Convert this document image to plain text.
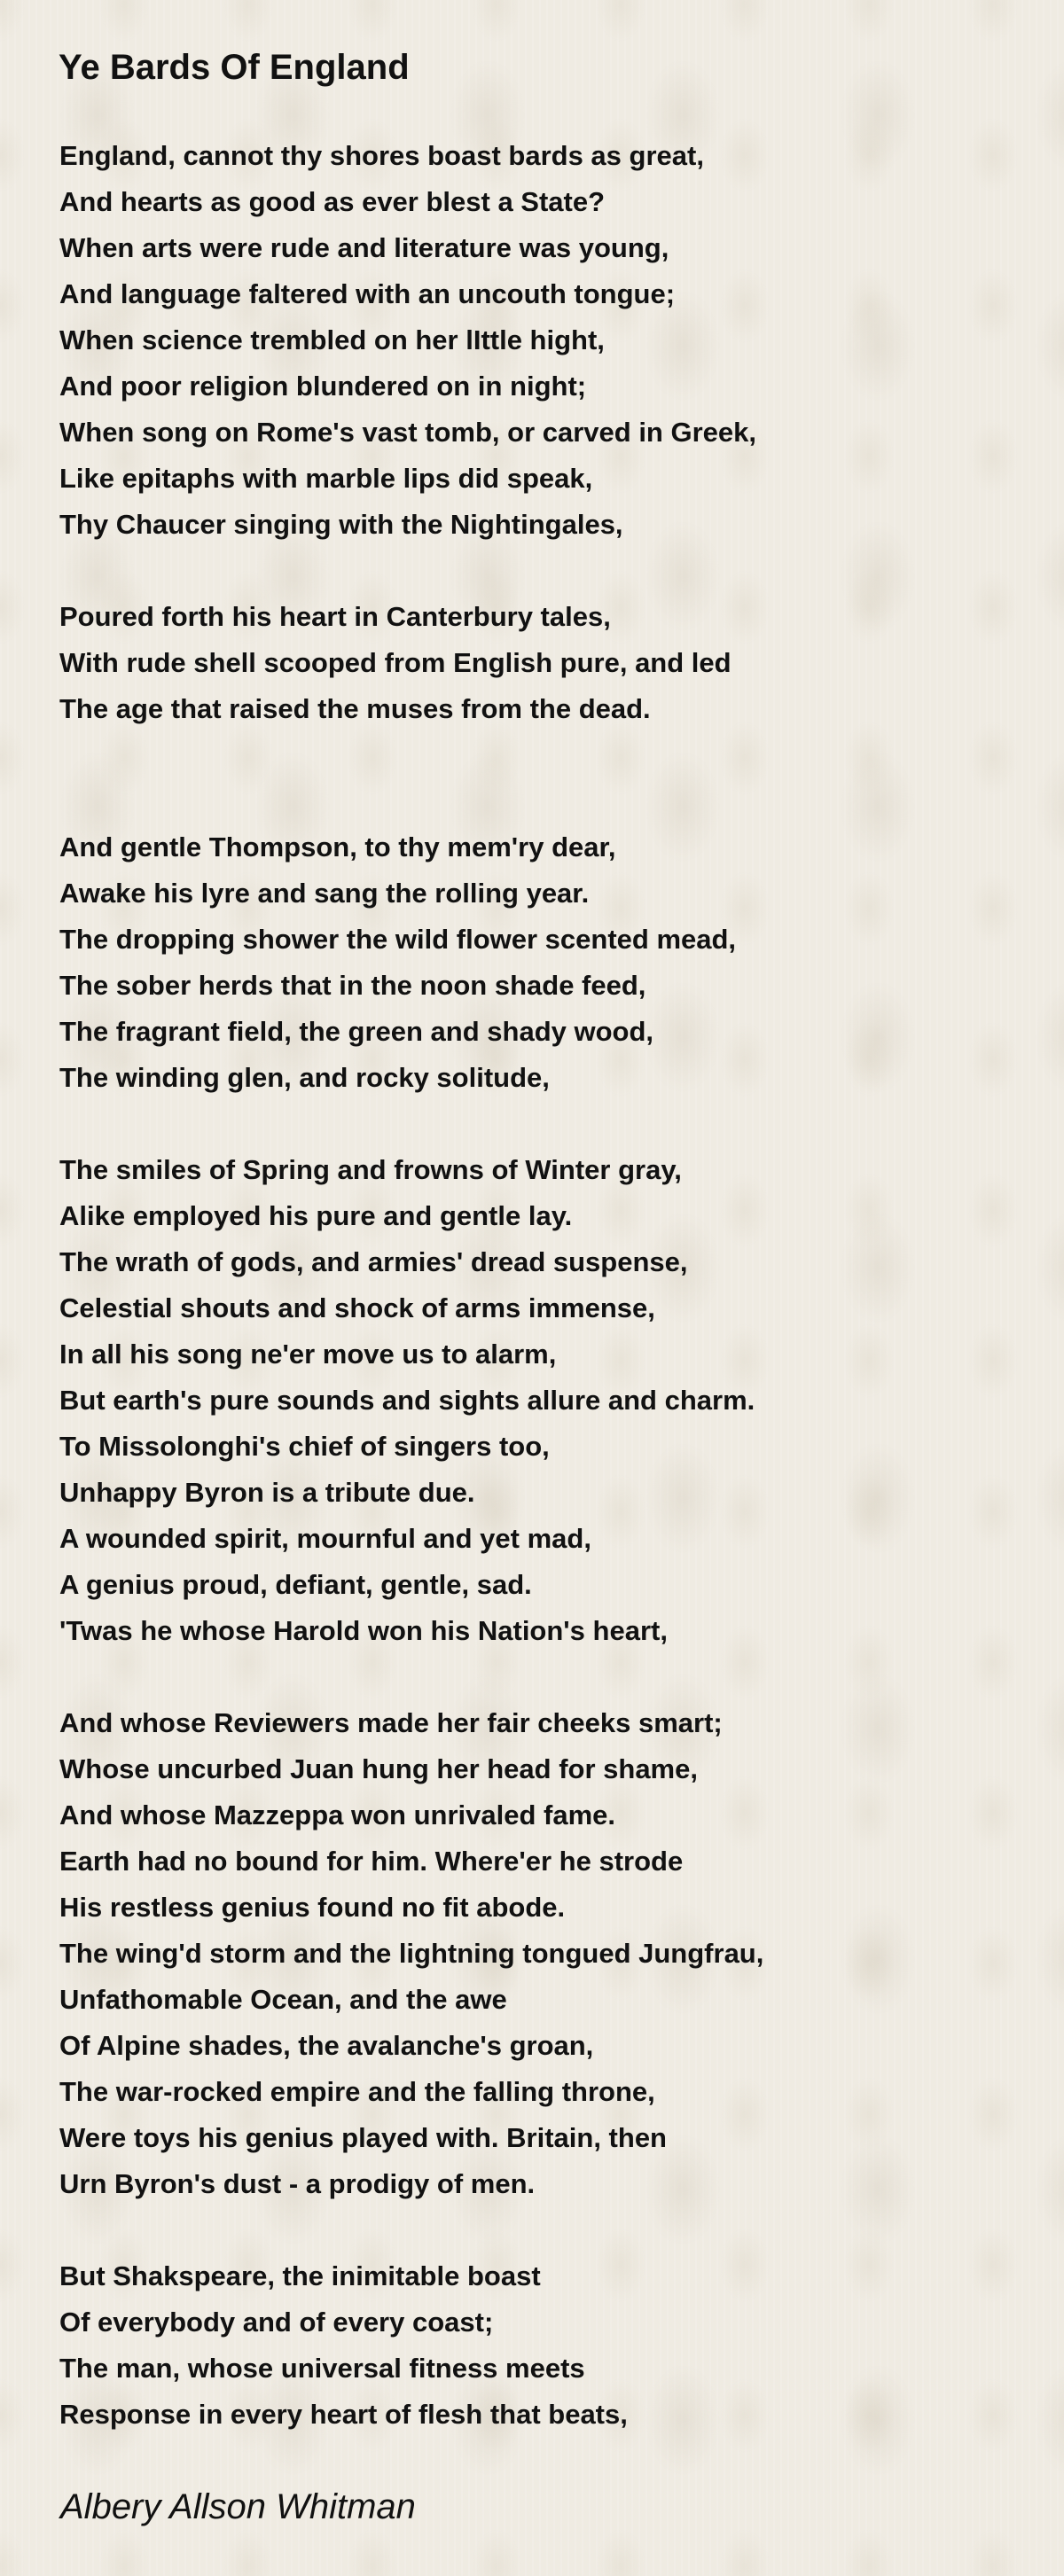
Ye Bards Of England
England, cannot thy shores boast bards as great,
And hearts as good as ever blest a State?
When arts were rude and literature was young,
And language faltered with an uncouth tongue;
When science trembled on her lIttle hight,
And poor religion blundered on in night;
When song on Rome's vast tomb, or carved in Greek,
Like epitaphs with marble lips did speak,
Thy Chaucer singing with the Nightingales,
Poured forth his heart in Canterbury tales,
With rude shell scooped from English pure, and led
The age that raised the muses from the dead.
And gentle Thompson, to thy mem'ry dear,
Awake his lyre and sang the rolling year.
The dropping shower the wild flower scented mead,
The sober herds that in the noon shade feed,
The fragrant field, the green and shady wood,
The winding glen, and rocky solitude,
The smiles of Spring and frowns of Winter gray,
Alike employed his pure and gentle lay.
The wrath of gods, and armies' dread suspense,
Celestial shouts and shock of arms immense,
In all his song ne'er move us to alarm,
But earth's pure sounds and sights allure and charm.
To Missolonghi's chief of singers too,
Unhappy Byron is a tribute due.
A wounded spirit, mournful and yet mad,
A genius proud, defiant, gentle, sad.
'Twas he whose Harold won his Nation's heart,
And whose Reviewers made her fair cheeks smart;
Whose uncurbed Juan hung her head for shame,
And whose Mazzeppa won unrivaled fame.
Earth had no bound for him. Where'er he strode
His restless genius found no fit abode.
The wing'd storm and the lightning tongued Jungfrau,
Unfathomable Ocean, and the awe
Of Alpine shades, the avalanche's groan,
The war-rocked empire and the falling throne,
Were toys his genius played with. Britain, then
Urn Byron's dust - a prodigy of men.
But Shakspeare, the inimitable boast
Of everybody and of every coast;
The man, whose universal fitness meets
Response in every heart of flesh that beats,

Albery Allson Whitman
